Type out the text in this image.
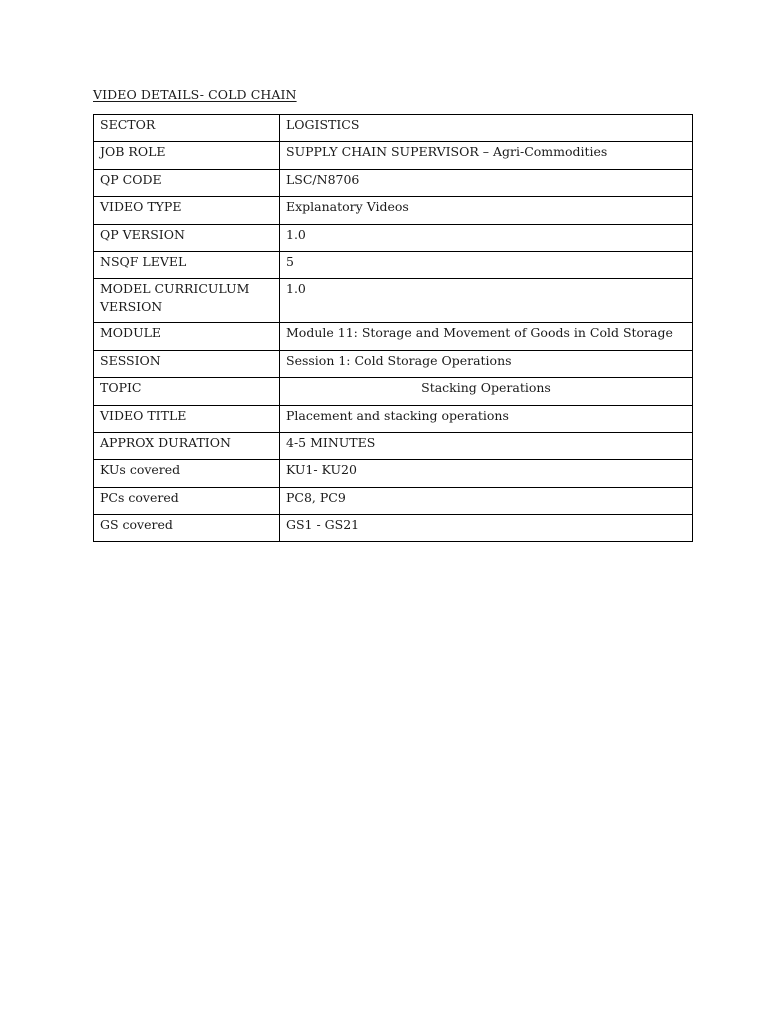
VIDEO DETAILS- COLD CHAIN
SECTOR	LOGISTICS
JOB ROLE	SUPPLY CHAIN SUPERVISOR – Agri-Commodities
QP CODE	LSC/N8706
VIDEO TYPE	Explanatory Videos
QP VERSION	1.0
NSQF LEVEL	5
MODEL CURRICULUM VERSION	1.0
MODULE	Module 11: Storage and Movement of Goods in Cold Storage
SESSION	Session 1: Cold Storage Operations
TOPIC	Stacking Operations
VIDEO TITLE	Placement and stacking operations
APPROX DURATION	4-5 MINUTES
KUs covered	KU1- KU20
PCs covered	PC8, PC9
GS covered	GS1 - GS21
